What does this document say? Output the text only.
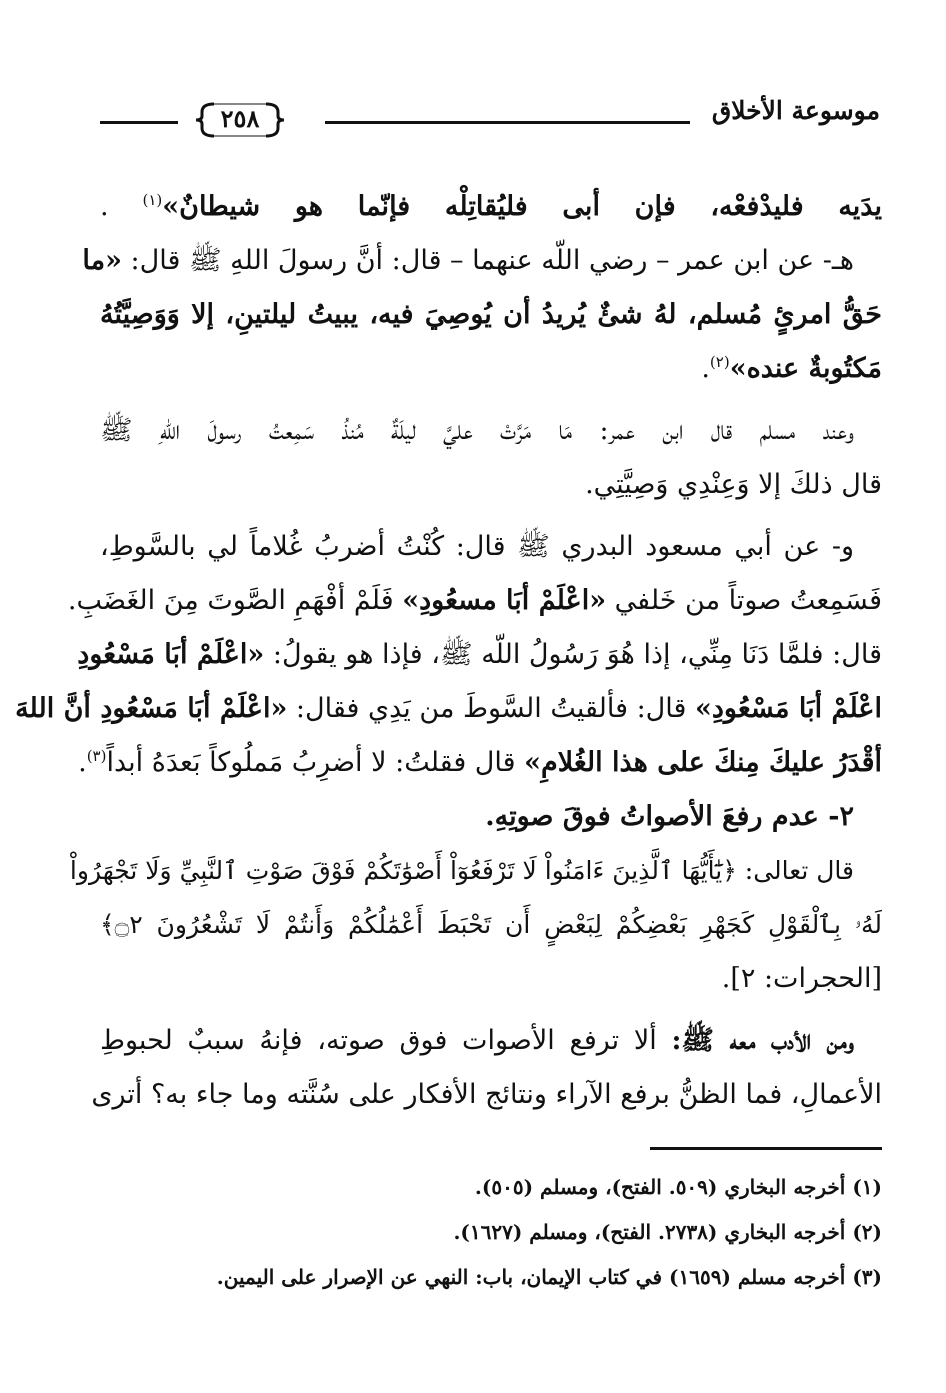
موسوعة الأخلاق
٢٥٨
يدَيه فليدْفعْه، فإن أبى فليُقاتِلْه فإنّما هو شيطانٌ»$^{(١)}$ .
هـ- عن ابن عمر – رضي اللّه عنهما – قال: أنَّ رسولَ اللهِ ﷺ قال: «ما
حَقُّ امرئٍ مُسلم، لهُ شئٌ يُريدُ أن يُوصِيَ فيه، يبيتُ ليلتينِ، إلا وَوَصِيَّتُهُ
مَكتُوبةٌ عنده»$^{(٢)}$.
وعند مسلم قال ابن عمر: مَا مَرَّتْ عليَّ ليلَةٌ مُنذُ سَمِعتُ رسولَ اللهِ ﷺ
قال ذلكَ إلا وَعِنْدِي وَصِيَّتِي.
و- عن أبي مسعود البدري ﷺ قال: كُنْتُ أضربُ غُلاماً لي بالسَّوطِ،
فَسَمِعتُ صوتاً من خَلفي «اعْلَمْ أبَا مسعُودِ» فَلَمْ أفْهَمِ الصَّوتَ مِنَ الغَضَبِ.
قال: فلمَّا دَنَا مِنِّي، إذا هُوَ رَسُولُ اللّه ﷺ، فإذا هو يقولُ: «اعْلَمْ أبَا مَسْعُودِ
اعْلَمْ أبَا مَسْعُودِ» قال: فألقيتُ السَّوطَ من يَدِي فقال: «اعْلَمْ أبَا مَسْعُودِ أنَّ اللهَ
أقْدَرُ عليكَ مِنكَ على هذا الغُلامِ» قال فقلتُ: لا أضرِبُ مَملُوكاً بَعدَهُ أبداً$^{(٣)}$.
٢- عدم رفعَ الأصواتُ فوقَ صوتِهِ.
قال تعالى: ﴿يَٰٓأَيُّهَا ٱلَّذِينَ ءَامَنُواْ لَا تَرْفَعُوٓاْ أَصْوَٰتَكُمْ فَوْقَ صَوْتِ ٱلنَّبِيِّ وَلَا تَجْهَرُواْ
لَهُۥ بِٱلْقَوْلِ كَجَهْرِ بَعْضِكُمْ لِبَعْضٍ أَن تَحْبَطَ أَعْمَٰلُكُمْ وَأَنتُمْ لَا تَشْعُرُونَ ۝٢﴾
[الحجرات: ٢].
ومن الأدب معه ﷺ: ألا ترفع الأصوات فوق صوته، فإنهُ سببٌ لحبوطِ
الأعمالِ، فما الظنُّ برفع الآراء ونتائج الأفكار على سُنَّته وما جاء به؟ أترى
(١) أخرجه البخاري (٥٠٩. الفتح)، ومسلم (٥٠٥).
(٢) أخرجه البخاري (٢٧٣٨. الفتح)، ومسلم (١٦٢٧).
(٣) أخرجه مسلم (١٦٥٩) في كتاب الإيمان، باب: النهي عن الإصرار على اليمين.
